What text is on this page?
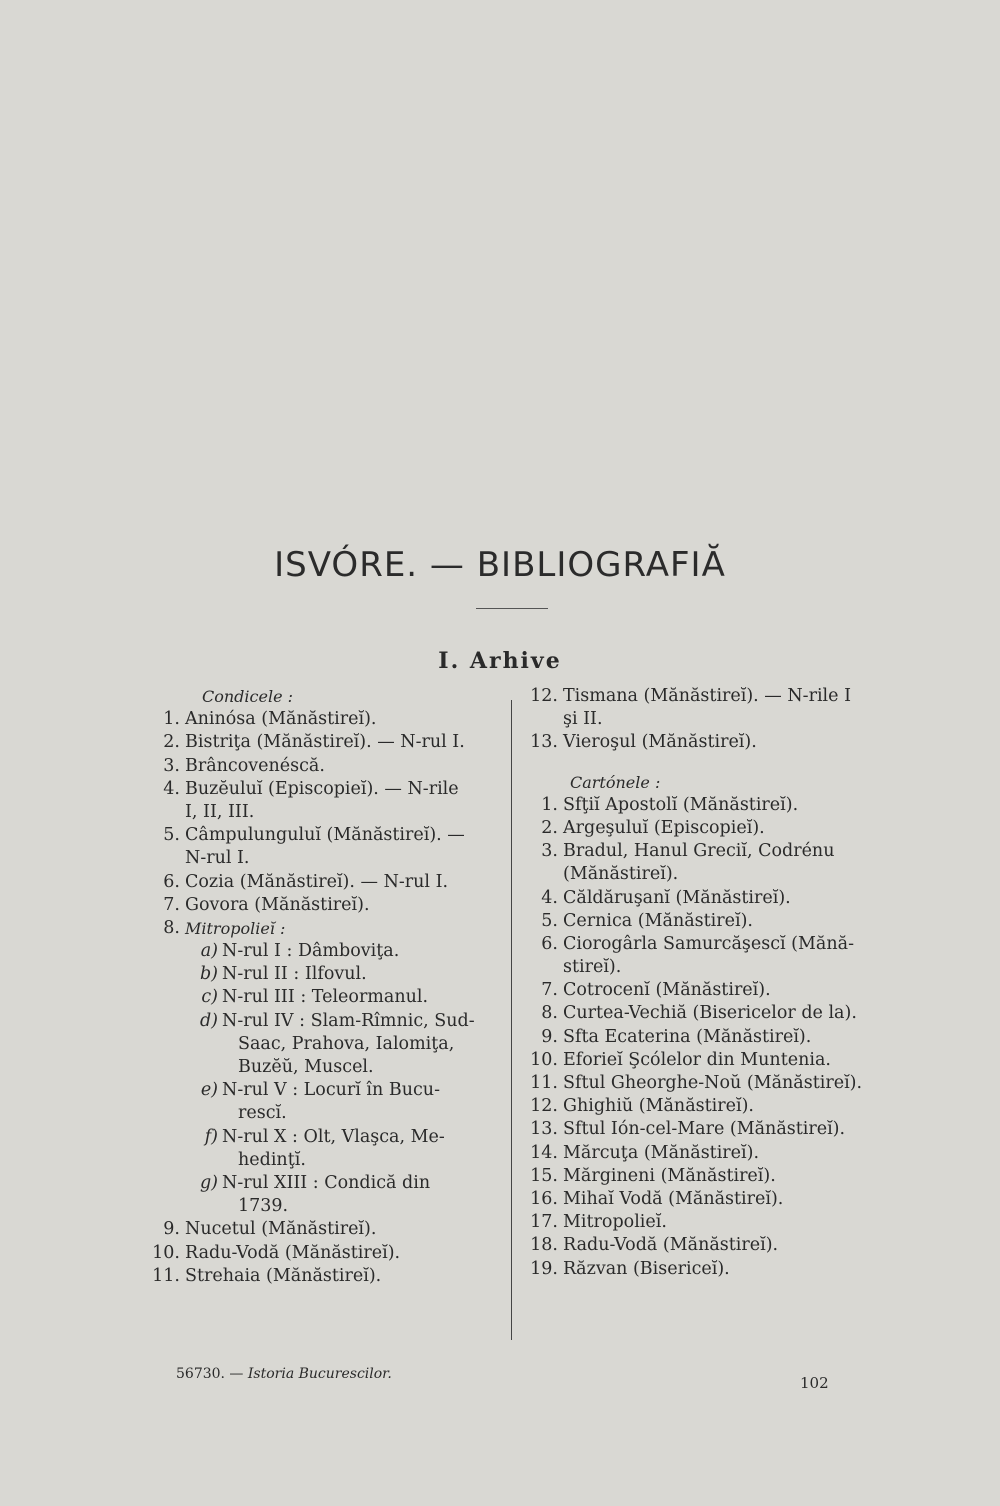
ISVÓRE. — BIBLIOGRAFIĂ
I. Arhive
Condicele :
1. Aninósa (Mănăstireĭ).
2. Bistriţa (Mănăstireĭ). — N-rul I.
3. Brâncovenéscă.
4. Buzĕuluĭ (Episcopieĭ). — N-rile
I, II, III.
5. Câmpulunguluĭ (Mănăstireĭ). —
N-rul I.
6. Cozia (Mănăstireĭ). — N-rul I.
7. Govora (Mănăstireĭ).
8. Mitropolieĭ :
a) N-rul I : Dâmboviţa.
b) N-rul II : Ilfovul.
c) N-rul III : Teleormanul.
d) N-rul IV : Slam-Rîmnic, Sud-
Saac, Prahova, Ialomiţa,
Buzĕŭ, Muscel.
e) N-rul V : Locurĭ în Bucu-
rescĭ.
f) N-rul X : Olt, Vlaşca, Me-
hedinţĭ.
g) N-rul XIII : Condică din
1739.
9. Nucetul (Mănăstireĭ).
10. Radu-Vodă (Mănăstireĭ).
11. Strehaia (Mănăstireĭ).
12. Tismana (Mănăstireĭ). — N-rile I
şi II.
13. Vieroşul (Mănăstireĭ).
Cartónele :
1. Sfţiĭ Apostolĭ (Mănăstireĭ).
2. Argeşuluĭ (Episcopieĭ).
3. Bradul, Hanul Greciĭ, Codrénu
(Mănăstireĭ).
4. Căldăruşanĭ (Mănăstireĭ).
5. Cernica (Mănăstireĭ).
6. Ciorogârla Samurcăşescĭ (Mănă-
stireĭ).
7. Cotrocenĭ (Mănăstireĭ).
8. Curtea-Vechiă (Bisericelor de la).
9. Sfta Ecaterina (Mănăstireĭ).
10. Eforieĭ Şcólelor din Muntenia.
11. Sftul Gheorghe-Noŭ (Mănăstireĭ).
12. Ghighiŭ (Mănăstireĭ).
13. Sftul Ión-cel-Mare (Mănăstireĭ).
14. Mărcuţa (Mănăstireĭ).
15. Mărgineni (Mănăstireĭ).
16. Mihaĭ Vodă (Mănăstireĭ).
17. Mitropolieĭ.
18. Radu-Vodă (Mănăstireĭ).
19. Răzvan (Bisericeĭ).
56730. — Istoria Bucurescilor.	102
